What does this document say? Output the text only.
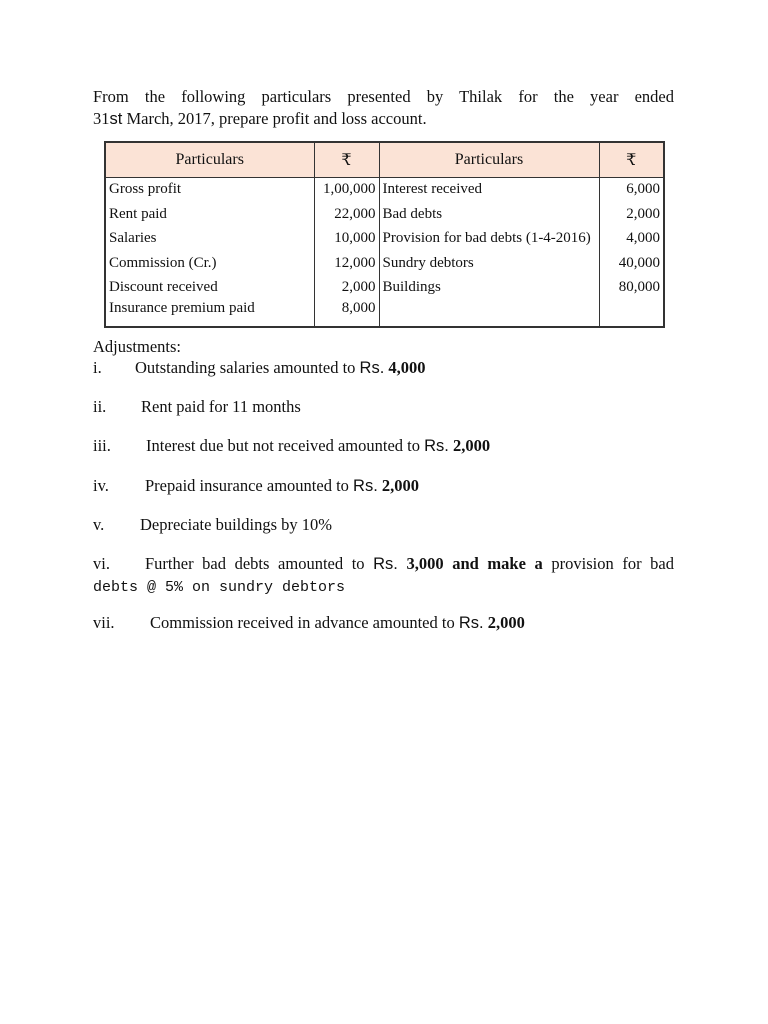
From the following particulars presented by Thilak for the year ended
31st March, 2017, prepare profit and loss account.
Particulars	₹	Particulars	₹
Gross profit	1,00,000	Interest received	6,000
Rent paid	22,000	Bad debts	2,000
Salaries	10,000	Provision for bad debts (1-4-2016)	4,000
Commission (Cr.)	12,000	Sundry debtors	40,000
Discount received	2,000	Buildings	80,000
Insurance premium paid	8,000		
Adjustments:
i. Outstanding salaries amounted to Rs. 4,000
ii. Rent paid for 11 months
iii. Interest due but not received amounted to Rs. 2,000
iv. Prepaid insurance amounted to Rs. 2,000
v. Depreciate buildings by 10%
vi. Further bad debts amounted to Rs. 3,000 and make a provision for bad
debts @ 5% on sundry debtors
vii. Commission received in advance amounted to Rs. 2,000
